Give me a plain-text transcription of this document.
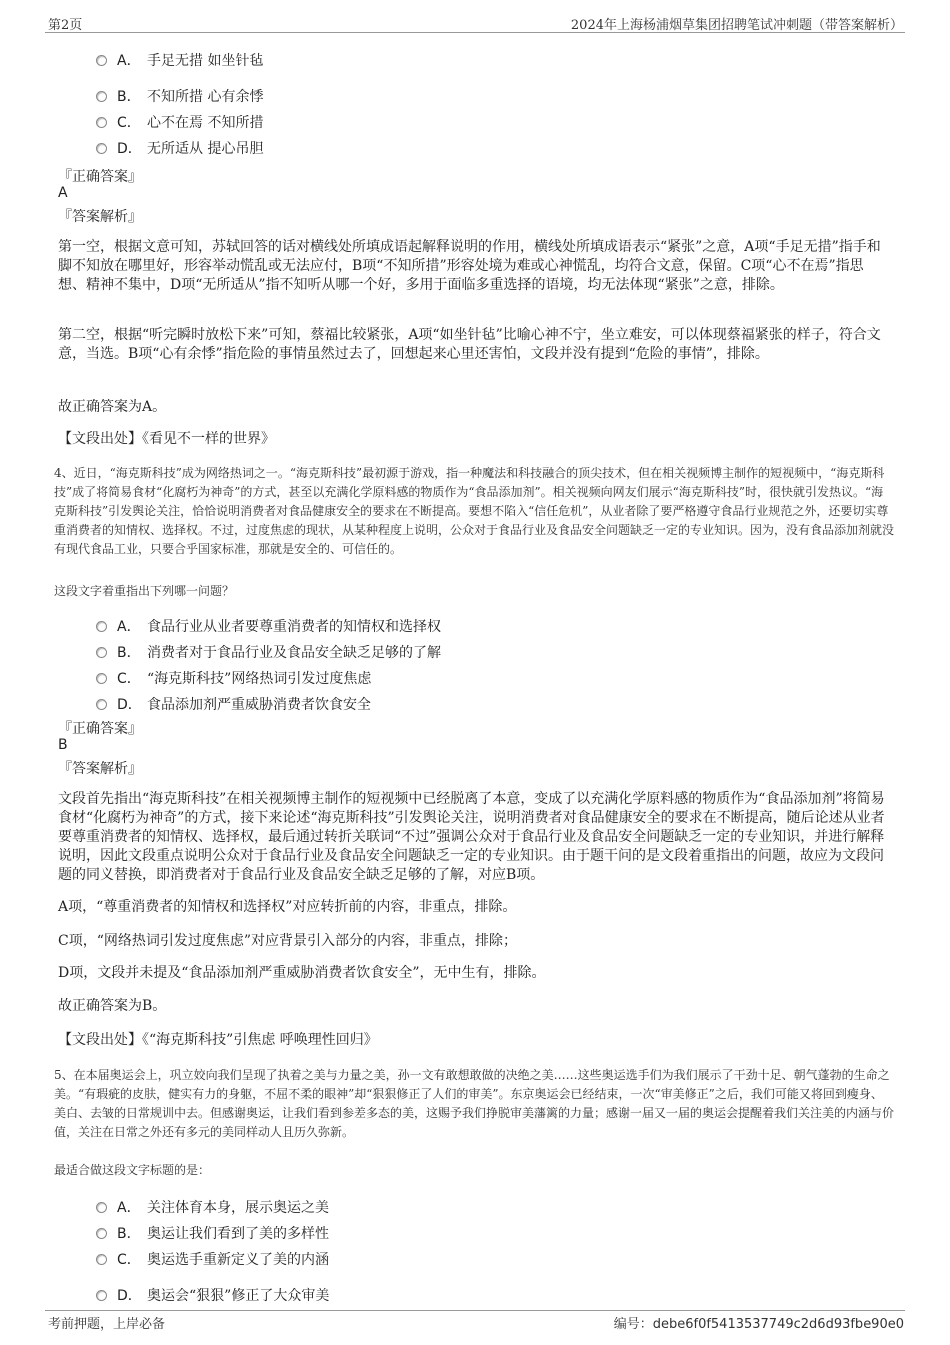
第2页	2024年上海杨浦烟草集团招聘笔试冲刺题（带答案解析）
A． 手足无措 如坐针毡
B． 不知所措 心有余悸
C． 心不在焉 不知所措
D． 无所适从 提心吊胆
『正确答案』
A
『答案解析』
第一空，根据文意可知，苏轼回答的话对横线处所填成语起解释说明的作用，横线处所填成语表示“紧张”之意，A项“手足无措”指手和脚不知放在哪里好，形容举动慌乱或无法应付，B项“不知所措”形容处境为难或心神慌乱，均符合文意，保留。C项“心不在焉”指思想、精神不集中，D项“无所适从”指不知听从哪一个好，多用于面临多重选择的语境，均无法体现“紧张”之意，排除。
第二空，根据“听完瞬时放松下来”可知，蔡福比较紧张，A项“如坐针毡”比喻心神不宁，坐立难安，可以体现蔡福紧张的样子，符合文意，当选。B项“心有余悸”指危险的事情虽然过去了，回想起来心里还害怕，文段并没有提到“危险的事情”，排除。
故正确答案为A。
【文段出处】《看见不一样的世界》
4、近日，“海克斯科技”成为网络热词之一。“海克斯科技”最初源于游戏，指一种魔法和科技融合的顶尖技术，但在相关视频博主制作的短视频中，“海克斯科技”成了将简易食材“化腐朽为神奇”的方式，甚至以充满化学原料感的物质作为“食品添加剂”。相关视频向网友们展示“海克斯科技”时，很快就引发热议。“海克斯科技”引发舆论关注，恰恰说明消费者对食品健康安全的要求在不断提高。要想不陷入“信任危机”，从业者除了要严格遵守食品行业规范之外，还要切实尊重消费者的知情权、选择权。不过，过度焦虑的现状，从某种程度上说明，公众对于食品行业及食品安全问题缺乏一定的专业知识。因为，没有食品添加剂就没有现代食品工业，只要合乎国家标准，那就是安全的、可信任的。
这段文字着重指出下列哪一问题？
A． 食品行业从业者要尊重消费者的知情权和选择权
B． 消费者对于食品行业及食品安全缺乏足够的了解
C． “海克斯科技”网络热词引发过度焦虑
D． 食品添加剂严重威胁消费者饮食安全
『正确答案』
B
『答案解析』
文段首先指出“海克斯科技”在相关视频博主制作的短视频中已经脱离了本意，变成了以充满化学原料感的物质作为“食品添加剂”将简易食材“化腐朽为神奇”的方式，接下来论述“海克斯科技”引发舆论关注，说明消费者对食品健康安全的要求在不断提高，随后论述从业者要尊重消费者的知情权、选择权，最后通过转折关联词“不过”强调公众对于食品行业及食品安全问题缺乏一定的专业知识，并进行解释说明，因此文段重点说明公众对于食品行业及食品安全问题缺乏一定的专业知识。由于题干问的是文段着重指出的问题，故应为文段问题的同义替换，即消费者对于食品行业及食品安全缺乏足够的了解，对应B项。
A项，“尊重消费者的知情权和选择权”对应转折前的内容，非重点，排除。
C项，“网络热词引发过度焦虑”对应背景引入部分的内容，非重点，排除；
D项，文段并未提及“食品添加剂严重威胁消费者饮食安全”，无中生有，排除。
故正确答案为B。
【文段出处】《“海克斯科技”引焦虑 呼唤理性回归》
5、在本届奥运会上，巩立姣向我们呈现了执着之美与力量之美，孙一文有敢想敢做的决绝之美……这些奥运选手们为我们展示了干劲十足、朝气蓬勃的生命之美。“有瑕疵的皮肤，健实有力的身躯，不屈不柔的眼神”却“狠狠修正了人们的审美”。东京奥运会已经结束，一次“审美修正”之后，我们可能又将回到瘦身、美白、去皱的日常规训中去。但感谢奥运，让我们看到参差多态的美，这赐予我们挣脱审美藩篱的力量；感谢一届又一届的奥运会提醒着我们关注美的内涵与价值，关注在日常之外还有多元的美同样动人且历久弥新。
最适合做这段文字标题的是：
A． 关注体育本身，展示奥运之美
B． 奥运让我们看到了美的多样性
C． 奥运选手重新定义了美的内涵
D． 奥运会“狠狠”修正了大众审美
考前押题，上岸必备	编号：debe6f0f5413537749c2d6d93fbe90e0
